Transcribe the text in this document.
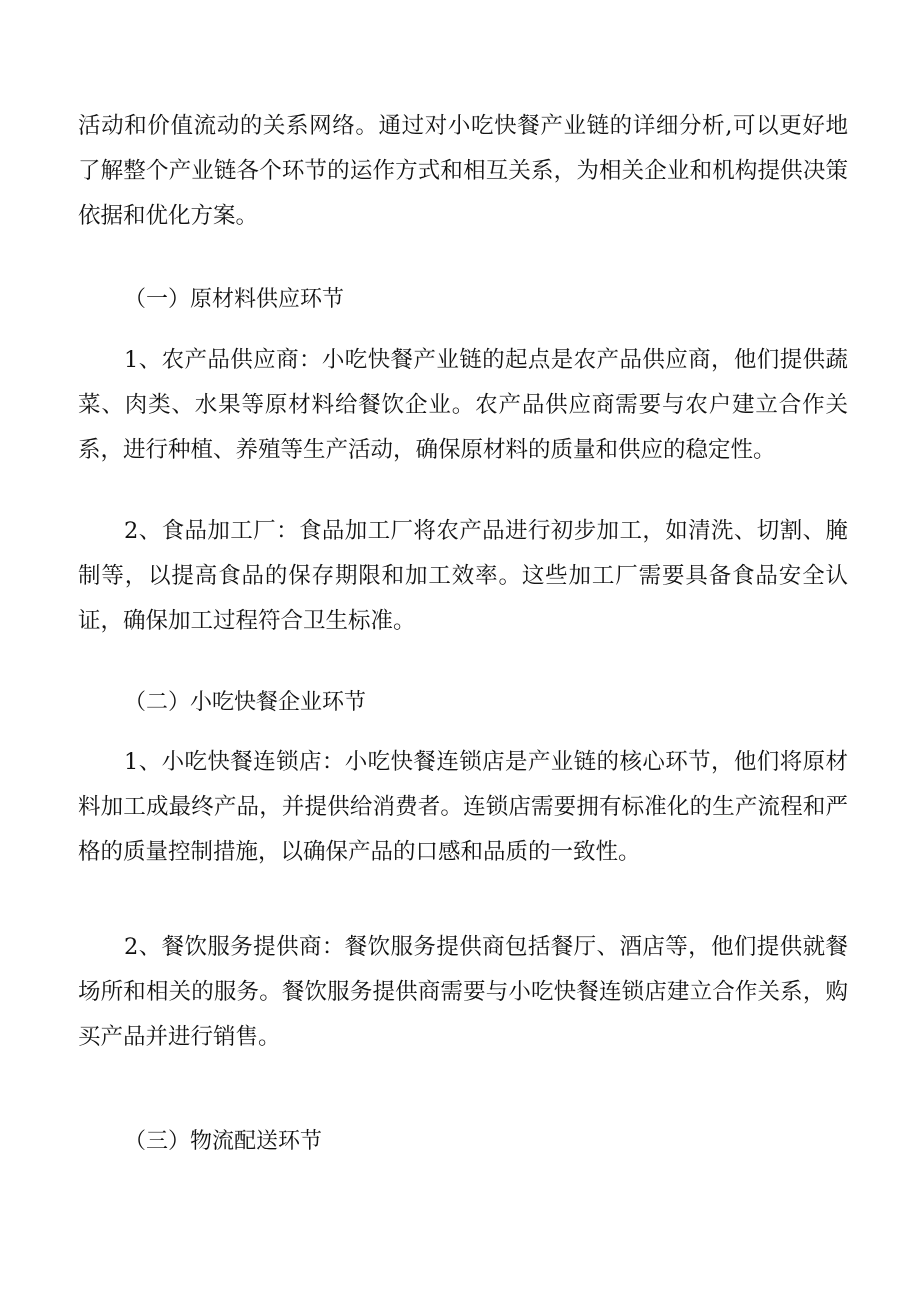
活动和价值流动的关系网络。通过对小吃快餐产业链的详细分析,可以更好地了解整个产业链各个环节的运作方式和相互关系，为相关企业和机构提供决策依据和优化方案。

（一）原材料供应环节

1、农产品供应商：小吃快餐产业链的起点是农产品供应商，他们提供蔬菜、肉类、水果等原材料给餐饮企业。农产品供应商需要与农户建立合作关系，进行种植、养殖等生产活动，确保原材料的质量和供应的稳定性。

2、食品加工厂：食品加工厂将农产品进行初步加工，如清洗、切割、腌制等，以提高食品的保存期限和加工效率。这些加工厂需要具备食品安全认证，确保加工过程符合卫生标准。

（二）小吃快餐企业环节

1、小吃快餐连锁店：小吃快餐连锁店是产业链的核心环节，他们将原材料加工成最终产品，并提供给消费者。连锁店需要拥有标准化的生产流程和严格的质量控制措施，以确保产品的口感和品质的一致性。

2、餐饮服务提供商：餐饮服务提供商包括餐厅、酒店等，他们提供就餐场所和相关的服务。餐饮服务提供商需要与小吃快餐连锁店建立合作关系，购买产品并进行销售。

（三）物流配送环节
